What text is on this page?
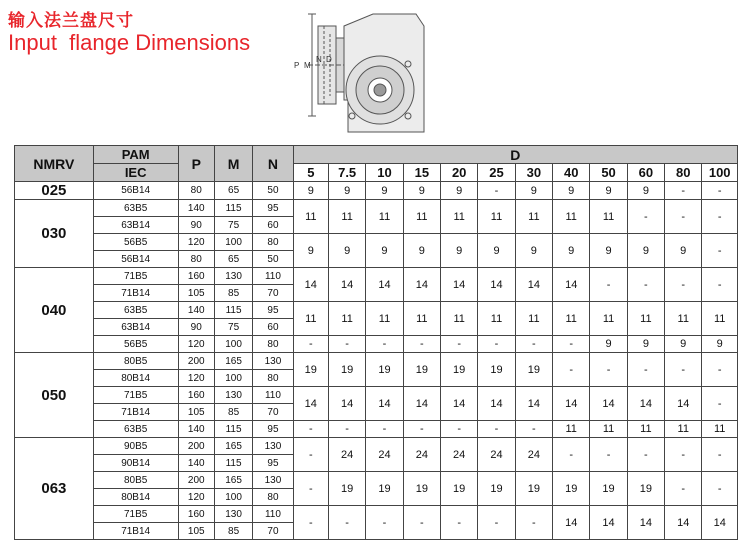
输入法兰盘尺寸
Input  flange Dimensions
P M
N D
NMRV	PAM	P	M	N	D											
	IEC				5	7.5	10	15	20	25	30	40	50	60	80	100
025	56B14	80	65	50	9	9	9	9	9	-	9	9	9	9	-	-
030	63B5	140	115	95	11	11	11	11	11	11	11	11	11	-	-	-
	63B14	90	75	60												
	56B5	120	100	80	9	9	9	9	9	9	9	9	9	9	9	-
	56B14	80	65	50												
040	71B5	160	130	110	14	14	14	14	14	14	14	14	-	-	-	-
	71B14	105	85	70												
	63B5	140	115	95	11	11	11	11	11	11	11	11	11	11	11	11
	63B14	90	75	60												
	56B5	120	100	80	-	-	-	-	-	-	-	-	9	9	9	9
050	80B5	200	165	130	19	19	19	19	19	19	19	-	-	-	-	-
	80B14	120	100	80												
	71B5	160	130	110	14	14	14	14	14	14	14	14	14	14	14	-
	71B14	105	85	70												
	63B5	140	115	95	-	-	-	-	-	-	-	11	11	11	11	11
063	90B5	200	165	130	-	24	24	24	24	24	24	-	-	-	-	-
	90B14	140	115	95												
	80B5	200	165	130	-	19	19	19	19	19	19	19	19	19	-	-
	80B14	120	100	80												
	71B5	160	130	110	-	-	-	-	-	-	-	14	14	14	14	14
	71B14	105	85	70												
